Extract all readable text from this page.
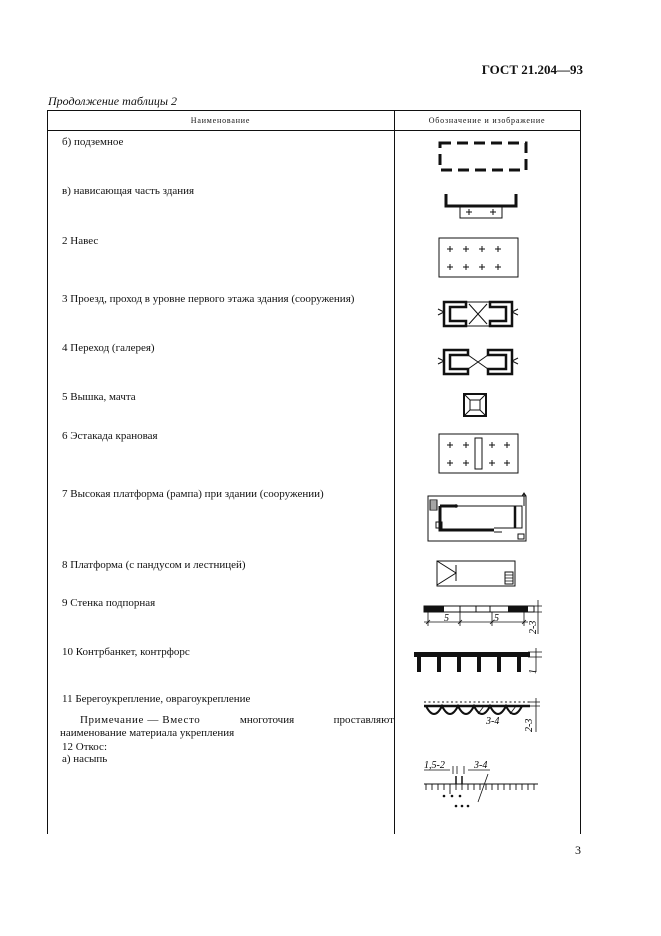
ГОСТ 21.204—93
Продолжение таблицы 2
Наименование	Обозначение и изображение
б) подземное
в) нависающая часть здания
2 Навес
3 Проезд, проход в уровне первого этажа здания (сооружения)
4 Переход (галерея)
5 Вышка, мачта
6 Эстакада крановая
7 Высокая платформа (рампа) при здании (сооружении)
8 Платформа (с пандусом и лестницей)
9 Стенка подпорная
10 Контрбанкет, контрфорс
11 Берегоукрепление, оврагоукрепление
Примечание — Вместо	многоточия	проставляют
наименование материала укрепления
12 Откос:
а) насыпь
5	5
2-3
1
3-4 2-3
1,5-2	3-4
3
